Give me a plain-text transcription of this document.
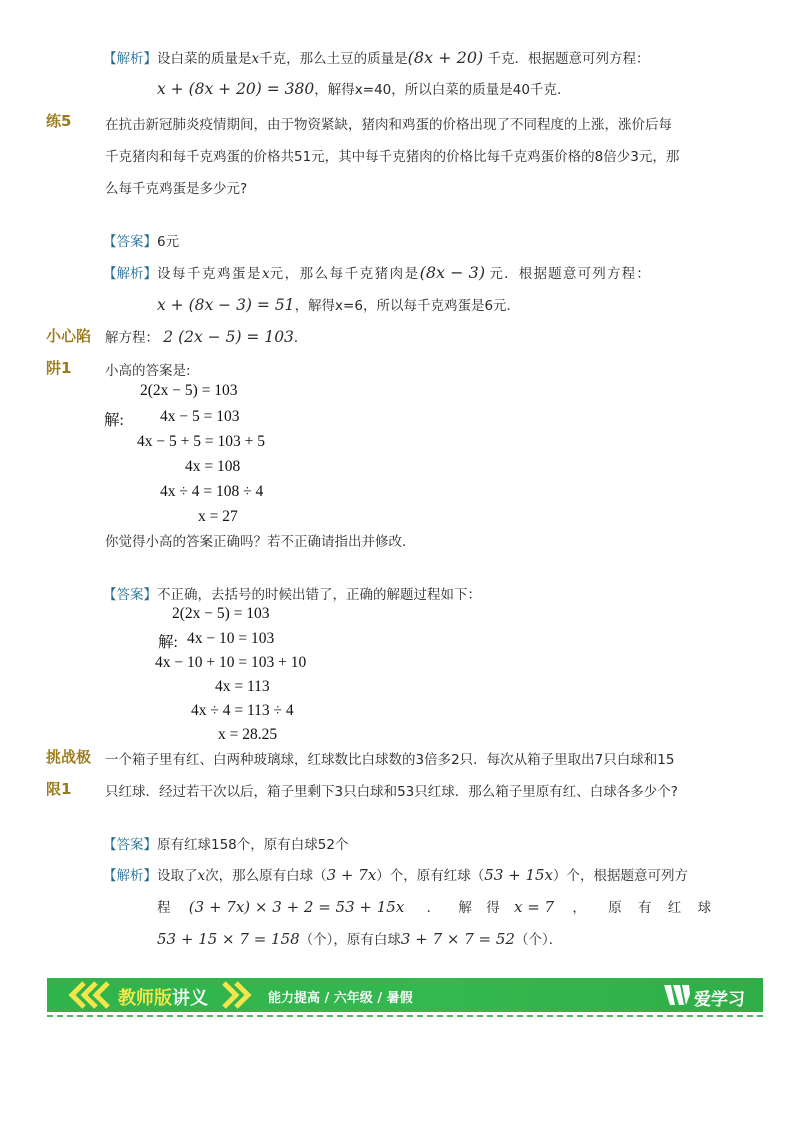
【解析】设白菜的质量是x千克，那么土豆的质量是(8x + 20) 千克．根据题意可列方程：
x + (8x + 20) = 380，解得x=40，所以白菜的质量是40千克．
练5 在抗击新冠肺炎疫情期间，由于物资紧缺，猪肉和鸡蛋的价格出现了不同程度的上涨，涨价后每
千克猪肉和每千克鸡蛋的价格共51元，其中每千克猪肉的价格比每千克鸡蛋价格的8倍少3元，那
么每千克鸡蛋是多少元?
【答案】6元
【解析】设每千克鸡蛋是x元，那么每千克猪肉是(8x − 3) 元．根据题意可列方程：
x + (8x − 3) = 51，解得x=6，所以每千克鸡蛋是6元．
小心陷
阱1
解方程： 2 (2x − 5) = 103．
小高的答案是:
2(2x − 5) = 103
解: 4x − 5 = 103
4x − 5 + 5 = 103 + 5
4x = 108
4x ÷ 4 = 108 ÷ 4
x = 27
你觉得小高的答案正确吗？若不正确请指出并修改．
【答案】不正确，去括号的时候出错了，正确的解题过程如下：
2(2x − 5) = 103
解: 4x − 10 = 103
4x − 10 + 10 = 103 + 10
4x = 113
4x ÷ 4 = 113 ÷ 4
x = 28.25
挑战极
限1
一个箱子里有红、白两种玻璃球，红球数比白球数的3倍多2只．每次从箱子里取出7只白球和15
只红球．经过若干次以后，箱子里剩下3只白球和53只红球．那么箱子里原有红、白球各多少个?
【答案】原有红球158个，原有白球52个
【解析】设取了x次，那么原有白球（3 + 7x）个，原有红球（53 + 15x）个，根据题意可列方
程 (3 + 7x) × 3 + 2 = 53 + 15x ． 解 得 x = 7 ， 原 有 红 球
53 + 15 × 7 = 158（个），原有白球3 + 7 × 7 = 52（个）．
教师版讲义	能力提高 / 六年级 / 暑假	爱学习
